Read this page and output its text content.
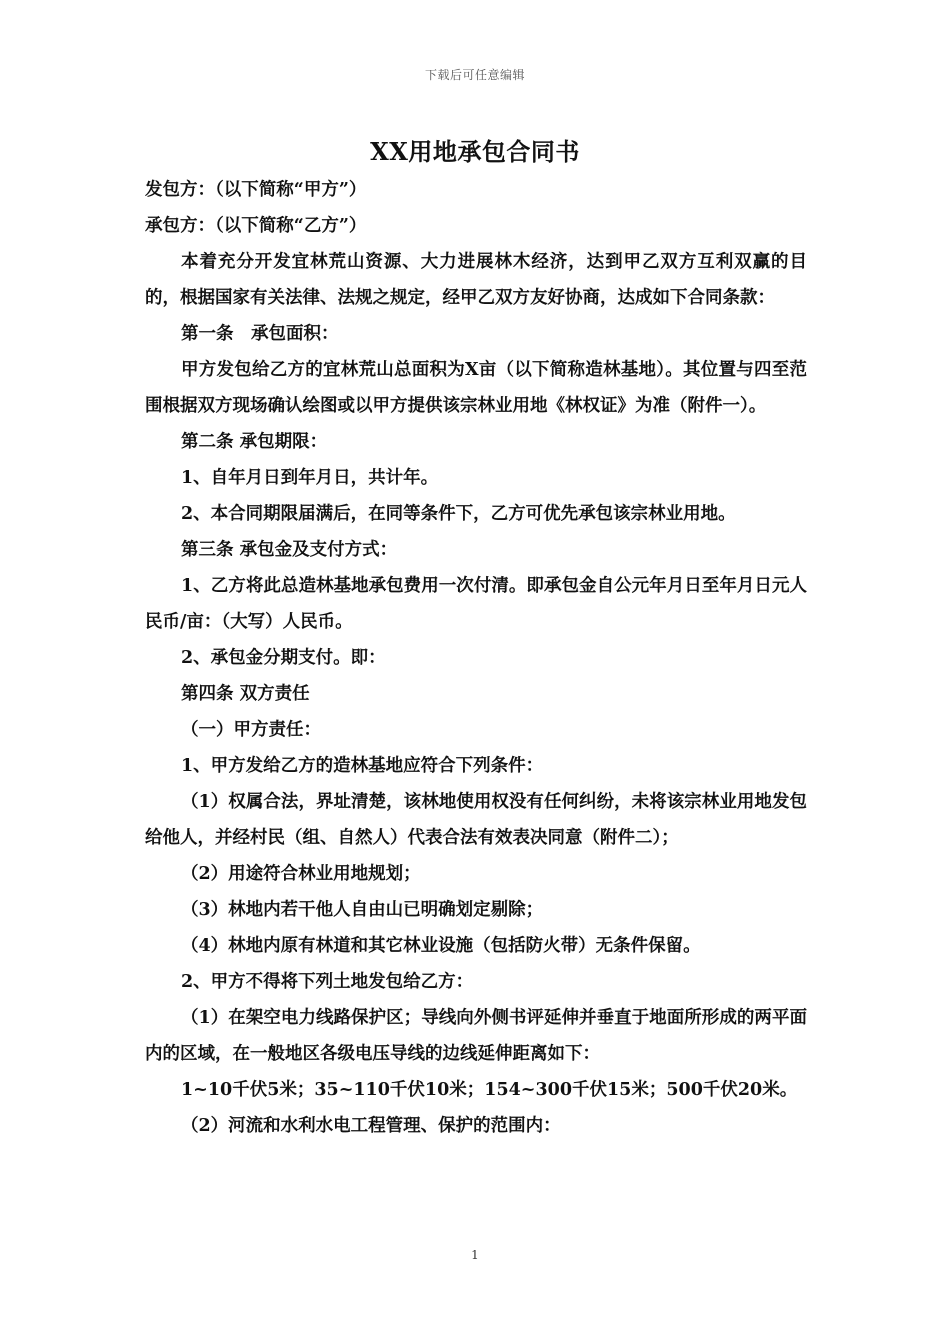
下载后可任意编辑
XX用地承包合同书

发包方：（以下简称“甲方”）

承包方：（以下简称“乙方”）

本着充分开发宜林荒山资源、大力进展林木经济，达到甲乙双方互利双赢的目的，根据国家有关法律、法规之规定，经甲乙双方友好协商，达成如下合同条款：

第一条　承包面积：

甲方发包给乙方的宜林荒山总面积为X亩（以下简称造林基地）。其位置与四至范围根据双方现场确认绘图或以甲方提供该宗林业用地《林权证》为准（附件一）。

第二条 承包期限：

1、自年月日到年月日，共计年。

2、本合同期限届满后，在同等条件下，乙方可优先承包该宗林业用地。

第三条 承包金及支付方式：

1、乙方将此总造林基地承包费用一次付清。即承包金自公元年月日至年月日元人民币/亩：（大写）人民币。

2、承包金分期支付。即：

第四条 双方责任

（一）甲方责任：

1、甲方发给乙方的造林基地应符合下列条件：

（1）权属合法，界址清楚，该林地使用权没有任何纠纷，未将该宗林业用地发包给他人，并经村民（组、自然人）代表合法有效表决同意（附件二）；

（2）用途符合林业用地规划；

（3）林地内若干他人自由山已明确划定剔除；

（4）林地内原有林道和其它林业设施（包括防火带）无条件保留。

2、甲方不得将下列土地发包给乙方：

（1）在架空电力线路保护区；导线向外侧书评延伸并垂直于地面所形成的两平面内的区域，在一般地区各级电压导线的边线延伸距离如下：

1~10千伏5米；35~110千伏10米；154~300千伏15米；500千伏20米。

（2）河流和水利水电工程管理、保护的范围内：

1
